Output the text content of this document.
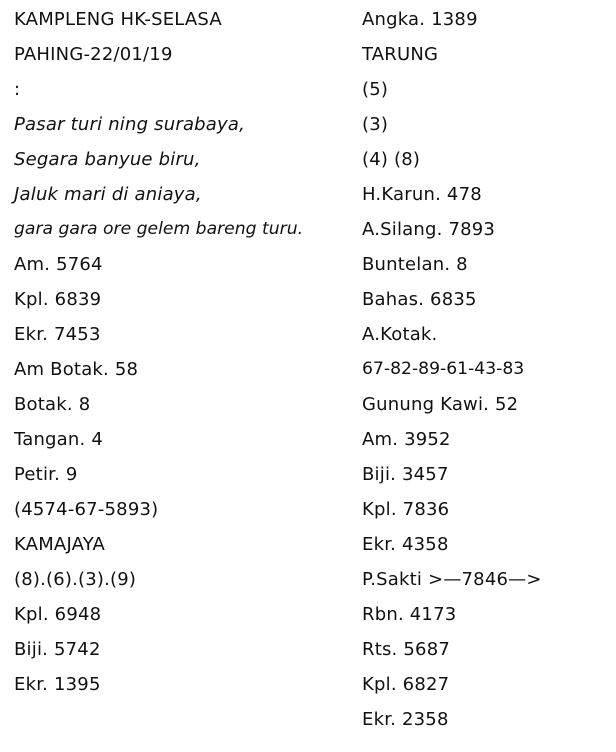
KAMPLENG HK-SELASA
PAHING-22/01/19
:
Pasar turi ning surabaya,
Segara banyue biru,
Jaluk mari di aniaya,
gara gara ore gelem bareng turu.
Am. 5764
Kpl. 6839
Ekr. 7453
Am Botak. 58
Botak. 8
Tangan. 4
Petir. 9
(4574-67-5893)
KAMAJAYA
(8).(6).(3).(9)
Kpl. 6948
Biji. 5742
Ekr. 1395
Angka. 1389
TARUNG
(5)
(3)
(4) (8)
H.Karun. 478
A.Silang. 7893
Buntelan. 8
Bahas. 6835
A.Kotak.
67-82-89-61-43-83
Gunung Kawi. 52
Am. 3952
Biji. 3457
Kpl. 7836
Ekr. 4358
P.Sakti >—7846—>
Rbn. 4173
Rts. 5687
Kpl. 6827
Ekr. 2358
